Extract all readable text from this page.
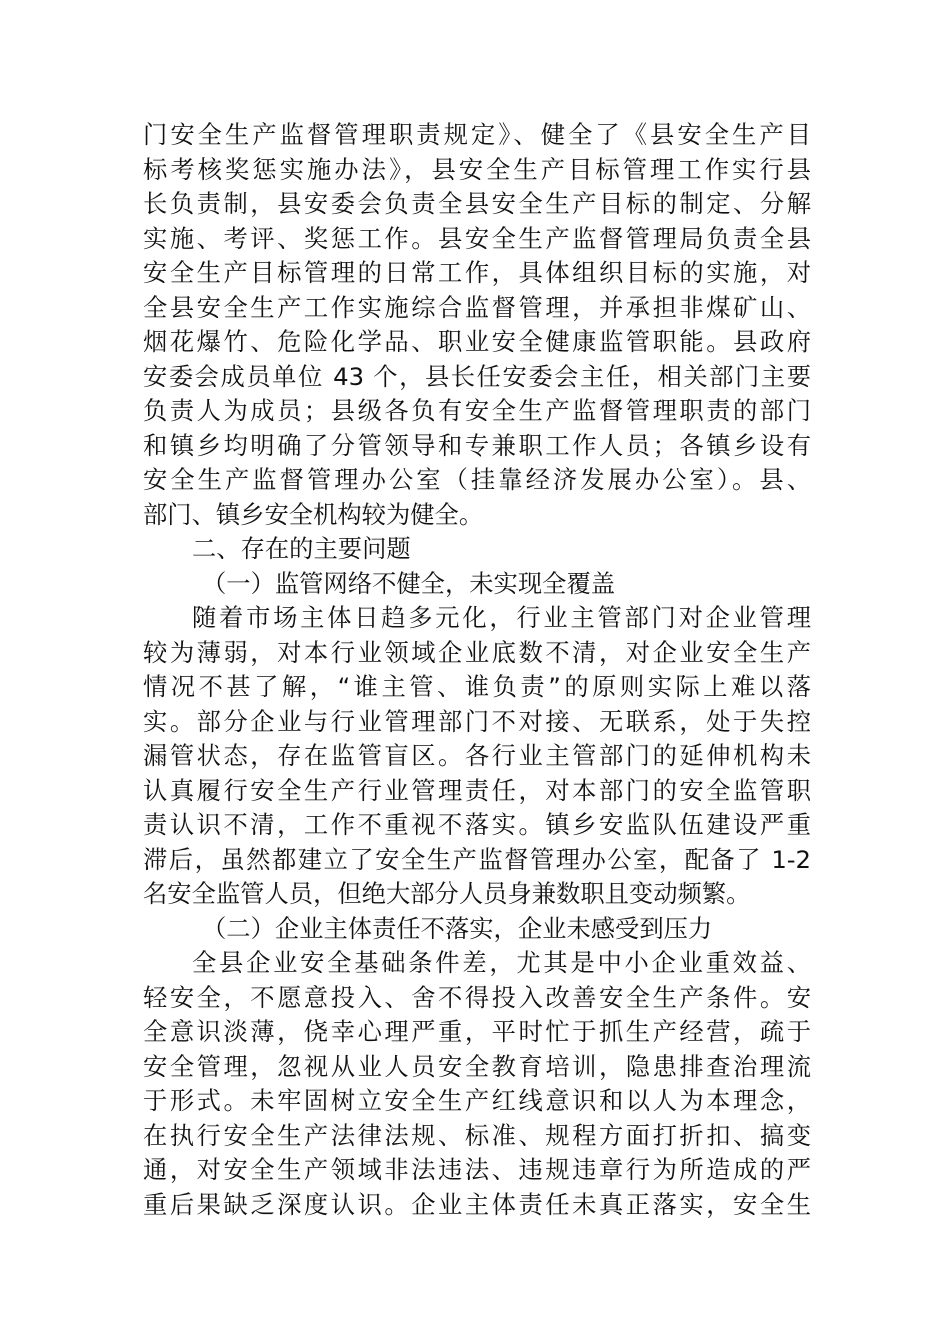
门安全生产监督管理职责规定》、健全了《县安全生产目
标考核奖惩实施办法》，县安全生产目标管理工作实行县
长负责制，县安委会负责全县安全生产目标的制定、分解
实施、考评、奖惩工作。县安全生产监督管理局负责全县
安全生产目标管理的日常工作，具体组织目标的实施，对
全县安全生产工作实施综合监督管理，并承担非煤矿山、
烟花爆竹、危险化学品、职业安全健康监管职能。县政府
安委会成员单位 43 个，县长任安委会主任，相关部门主要
负责人为成员；县级各负有安全生产监督管理职责的部门
和镇乡均明确了分管领导和专兼职工作人员；各镇乡设有
安全生产监督管理办公室（挂靠经济发展办公室）。县、
部门、镇乡安全机构较为健全。
二、存在的主要问题
（一）监管网络不健全，未实现全覆盖
随着市场主体日趋多元化，行业主管部门对企业管理
较为薄弱，对本行业领域企业底数不清，对企业安全生产
情况不甚了解，“谁主管、谁负责”的原则实际上难以落
实。部分企业与行业管理部门不对接、无联系，处于失控
漏管状态，存在监管盲区。各行业主管部门的延伸机构未
认真履行安全生产行业管理责任，对本部门的安全监管职
责认识不清，工作不重视不落实。镇乡安监队伍建设严重
滞后，虽然都建立了安全生产监督管理办公室，配备了 1-2
名安全监管人员，但绝大部分人员身兼数职且变动频繁。
（二）企业主体责任不落实，企业未感受到压力
全县企业安全基础条件差，尤其是中小企业重效益、
轻安全，不愿意投入、舍不得投入改善安全生产条件。安
全意识淡薄，侥幸心理严重，平时忙于抓生产经营，疏于
安全管理，忽视从业人员安全教育培训，隐患排查治理流
于形式。未牢固树立安全生产红线意识和以人为本理念，
在执行安全生产法律法规、标准、规程方面打折扣、搞变
通，对安全生产领域非法违法、违规违章行为所造成的严
重后果缺乏深度认识。企业主体责任未真正落实，安全生
